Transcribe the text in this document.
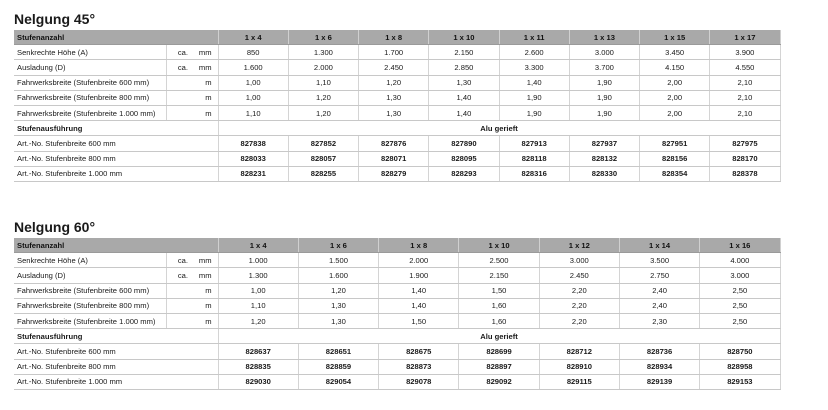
Nelgung 45°
Stufenanzahl			1 x 4	1 x 6	1 x 8	1 x 10	1 x 11	1 x 13	1 x 15	1 x 17
Senkrechte Höhe (A)	ca.	mm	850	1.300	1.700	2.150	2.600	3.000	3.450	3.900
Ausladung (D)	ca.	mm	1.600	2.000	2.450	2.850	3.300	3.700	4.150	4.550
Fahrwerksbreite (Stufenbreite 600 mm)		m	1,00	1,10	1,20	1,30	1,40	1,90	2,00	2,10
Fahrwerksbreite (Stufenbreite 800 mm)		m	1,00	1,20	1,30	1,40	1,90	1,90	2,00	2,10
Fahrwerksbreite (Stufenbreite 1.000 mm)		m	1,10	1,20	1,30	1,40	1,90	1,90	2,00	2,10
Stufenausführung			Alu gerieft							
Art.-No. Stufenbreite 600 mm			827838	827852	827876	827890	827913	827937	827951	827975
Art.-No. Stufenbreite 800 mm			828033	828057	828071	828095	828118	828132	828156	828170
Art.-No. Stufenbreite 1.000 mm			828231	828255	828279	828293	828316	828330	828354	828378
Nelgung 60°
Stufenanzahl			1 x 4	1 x 6	1 x 8	1 x 10	1 x 12	1 x 14	1 x 16
Senkrechte Höhe (A)	ca.	mm	1.000	1.500	2.000	2.500	3.000	3.500	4.000
Ausladung (D)	ca.	mm	1.300	1.600	1.900	2.150	2.450	2.750	3.000
Fahrwerksbreite (Stufenbreite 600 mm)		m	1,00	1,20	1,40	1,50	2,20	2,40	2,50
Fahrwerksbreite (Stufenbreite 800 mm)		m	1,10	1,30	1,40	1,60	2,20	2,40	2,50
Fahrwerksbreite (Stufenbreite 1.000 mm)		m	1,20	1,30	1,50	1,60	2,20	2,30	2,50
Stufenausführung			Alu gerieft						
Art.-No. Stufenbreite 600 mm			828637	828651	828675	828699	828712	828736	828750
Art.-No. Stufenbreite 800 mm			828835	828859	828873	828897	828910	828934	828958
Art.-No. Stufenbreite 1.000 mm			829030	829054	829078	829092	829115	829139	829153
